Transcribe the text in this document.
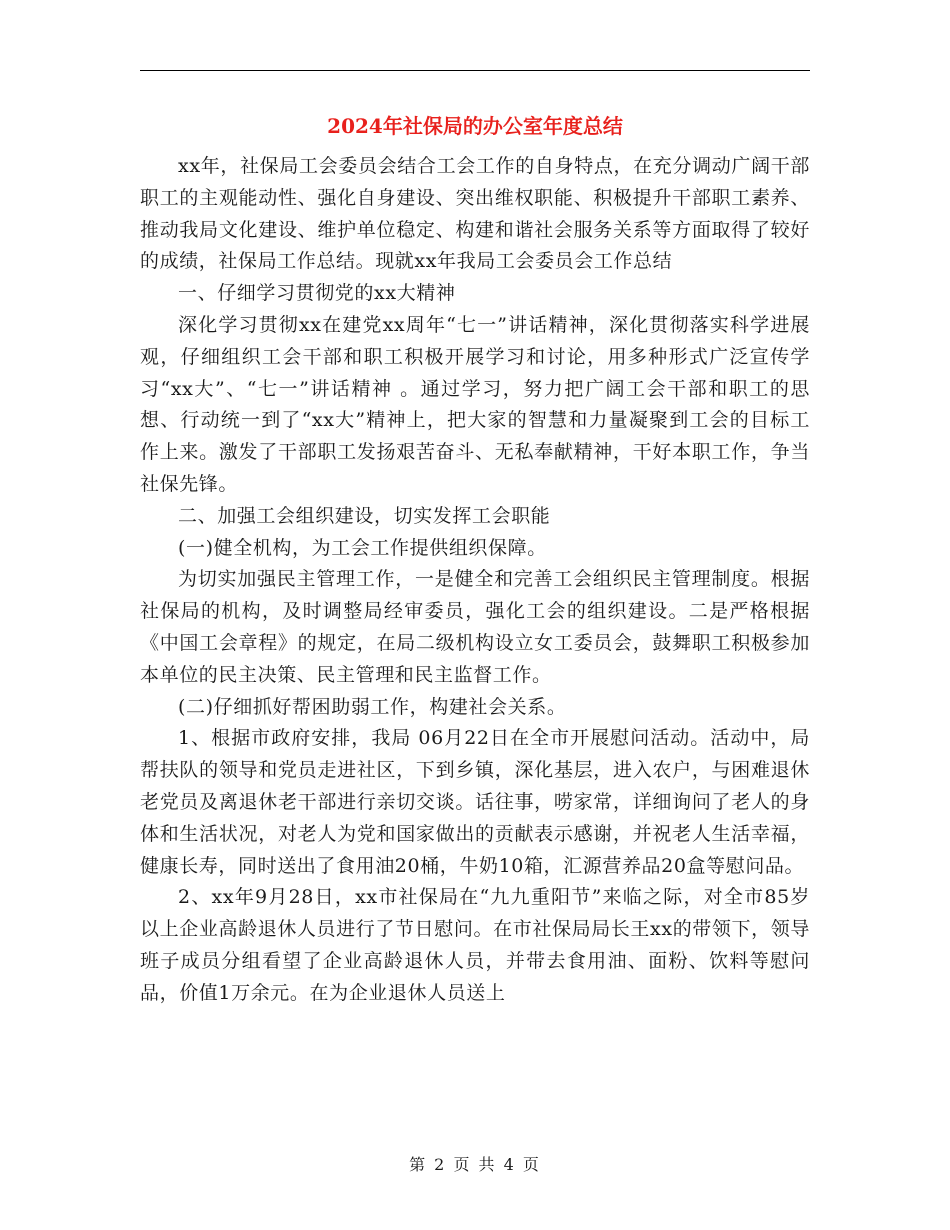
2024年社保局的办公室年度总结

xx年，社保局工会委员会结合工会工作的自身特点，在充分调动广阔干部职工的主观能动性、强化自身建设、突出维权职能、积极提升干部职工素养、推动我局文化建设、维护单位稳定、构建和谐社会服务关系等方面取得了较好的成绩，社保局工作总结。现就xx年我局工会委员会工作总结

一、仔细学习贯彻党的xx大精神

深化学习贯彻xx在建党xx周年“七一”讲话精神，深化贯彻落实科学进展观，仔细组织工会干部和职工积极开展学习和讨论，用多种形式广泛宣传学习“xx大”、“七一”讲话精神 。通过学习，努力把广阔工会干部和职工的思想、行动统一到了“xx大”精神上，把大家的智慧和力量凝聚到工会的目标工作上来。激发了干部职工发扬艰苦奋斗、无私奉献精神，干好本职工作，争当社保先锋。

二、加强工会组织建设，切实发挥工会职能

(一)健全机构，为工会工作提供组织保障。

为切实加强民主管理工作，一是健全和完善工会组织民主管理制度。根据社保局的机构，及时调整局经审委员，强化工会的组织建设。二是严格根据《中国工会章程》的规定，在局二级机构设立女工委员会，鼓舞职工积极参加本单位的民主决策、民主管理和民主监督工作。

(二)仔细抓好帮困助弱工作，构建社会关系。

1、根据市政府安排，我局 06月22日在全市开展慰问活动。活动中，局帮扶队的领导和党员走进社区，下到乡镇，深化基层，进入农户，与困难退休老党员及离退休老干部进行亲切交谈。话往事，唠家常，详细询问了老人的身体和生活状况，对老人为党和国家做出的贡献表示感谢，并祝老人生活幸福，健康长寿，同时送出了食用油20桶，牛奶10箱，汇源营养品20盒等慰问品。

2、xx年9月28日，xx市社保局在“九九重阳节”来临之际，对全市85岁以上企业高龄退休人员进行了节日慰问。在市社保局局长王xx的带领下，领导班子成员分组看望了企业高龄退休人员，并带去食用油、面粉、饮料等慰问品，价值1万余元。在为企业退休人员送上

第 2 页 共 4 页
